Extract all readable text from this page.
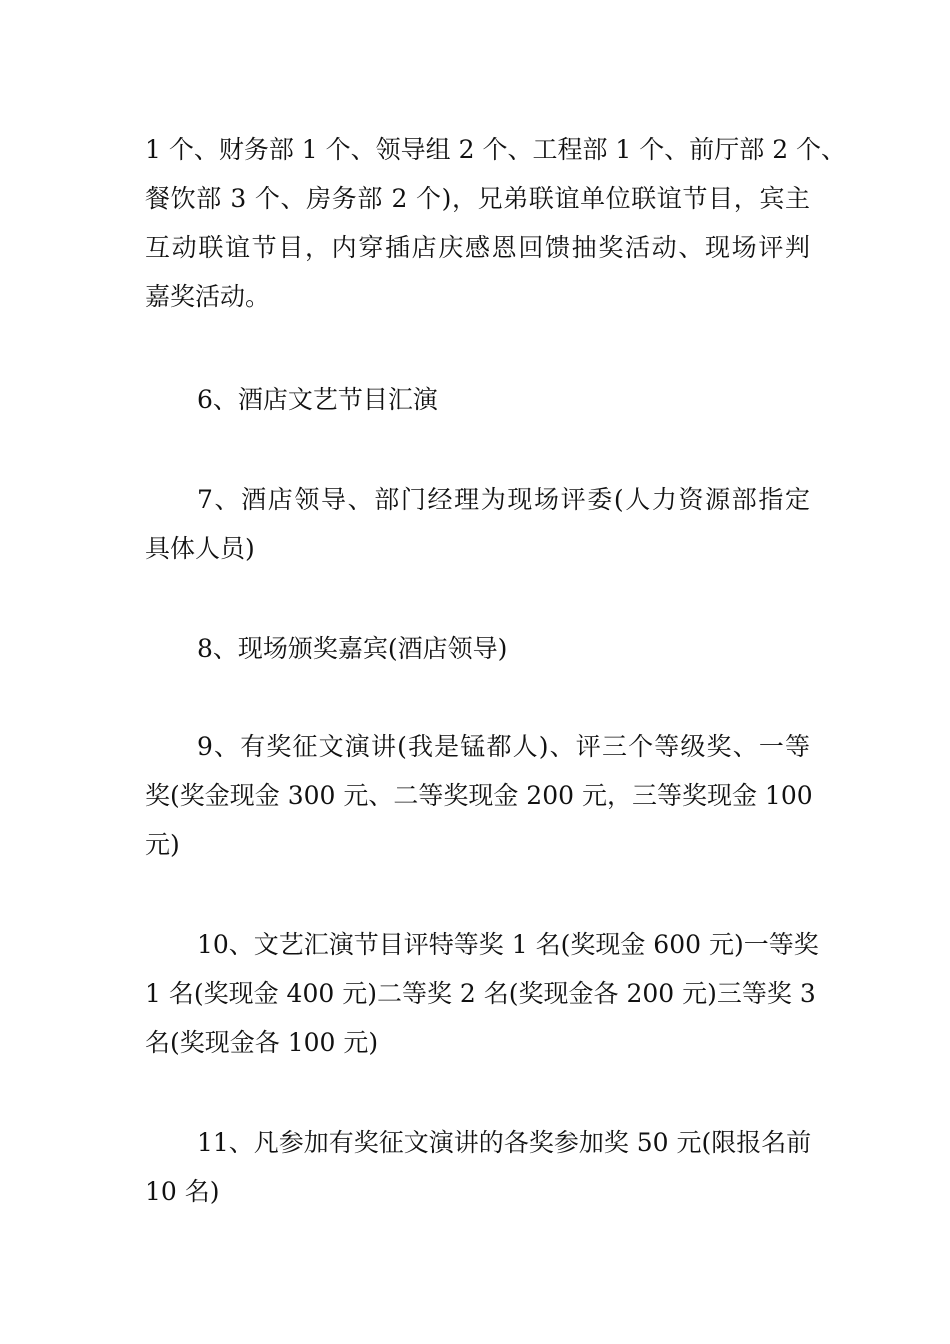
1 个、财务部 1 个、领导组 2 个、工程部 1 个、前厅部 2 个、
餐饮部 3 个、房务部 2 个)，兄弟联谊单位联谊节目，宾主
互动联谊节目，内穿插店庆感恩回馈抽奖活动、现场评判
嘉奖活动。
6、酒店文艺节目汇演
7、酒店领导、部门经理为现场评委(人力资源部指定
具体人员)
8、现场颁奖嘉宾(酒店领导)
9、有奖征文演讲(我是锰都人)、评三个等级奖、一等
奖(奖金现金 300 元、二等奖现金 200 元，三等奖现金 100
元)
10、文艺汇演节目评特等奖 1 名(奖现金 600 元)一等奖
1 名(奖现金 400 元)二等奖 2 名(奖现金各 200 元)三等奖 3
名(奖现金各 100 元)
11、凡参加有奖征文演讲的各奖参加奖 50 元(限报名前
10 名)
